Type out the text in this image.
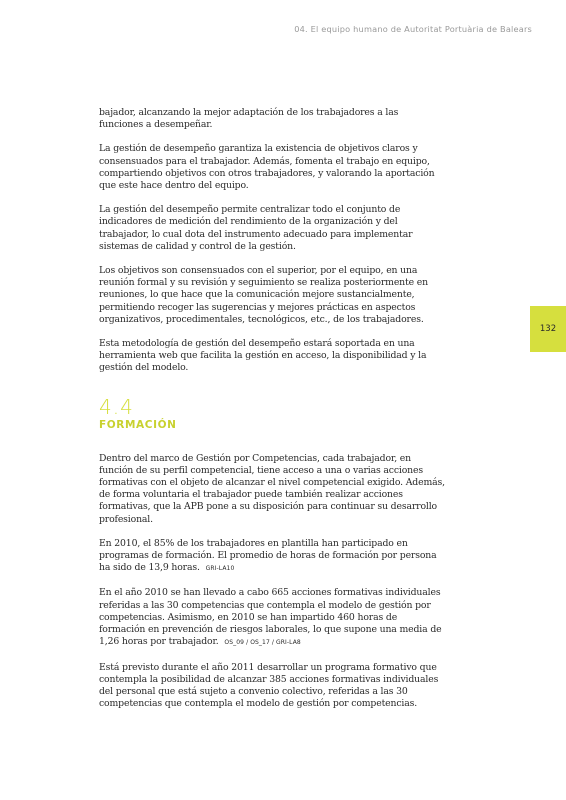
04. El equipo humano de Autoritat Portuària de Balears
132

bajador, alcanzando la mejor adaptación de los trabajadores a las funciones a desempeñar.

La gestión de desempeño garantiza la existencia de objetivos claros y consensuados para el trabajador. Además, fomenta el trabajo en equipo, compartiendo objetivos con otros trabajadores, y valorando la aportación que este hace dentro del equipo.

La gestión del desempeño permite centralizar todo el conjunto de indicadores de medición del rendimiento de la organización y del trabajador, lo cual dota del instrumento adecuado para implementar sistemas de calidad y control de la gestión.

Los objetivos son consensuados con el superior, por el equipo, en una reunión formal y su revisión y seguimiento se realiza posteriormente en reuniones, lo que hace que la comunicación mejore sustancialmente, permitiendo recoger las sugerencias y mejores prácticas en aspectos organizativos, procedimentales, tecnológicos, etc., de los trabajadores.

Esta metodología de gestión del desempeño estará soportada en una herramienta web que facilita la gestión en acceso, la disponibilidad y la gestión del modelo.

4.4
FORMACIÓN

Dentro del marco de Gestión por Competencias, cada trabajador, en función de su perfil competencial, tiene acceso a una o varias acciones formativas con el objeto de alcanzar el nivel competencial exigido. Además, de forma voluntaria el trabajador puede también realizar acciones formativas, que la APB pone a su disposición para continuar su desarrollo profesional.

En 2010, el 85% de los trabajadores en plantilla han participado en programas de formación. El promedio de horas de formación por persona ha sido de 13,9 horas. GRI-LA10

En el año 2010 se han llevado a cabo 665 acciones formativas individuales referidas a las 30 competencias que contempla el modelo de gestión por competencias. Asimismo, en 2010 se han impartido 460 horas de formación en prevención de riesgos laborales, lo que supone una media de 1,26 horas por trabajador. OS_09 / OS_17 / GRI-LA8

Está previsto durante el año 2011 desarrollar un programa formativo que contempla la posibilidad de alcanzar 385 acciones formativas individuales del personal que está sujeto a convenio colectivo, referidas a las 30 competencias que contempla el modelo de gestión por competencias.
